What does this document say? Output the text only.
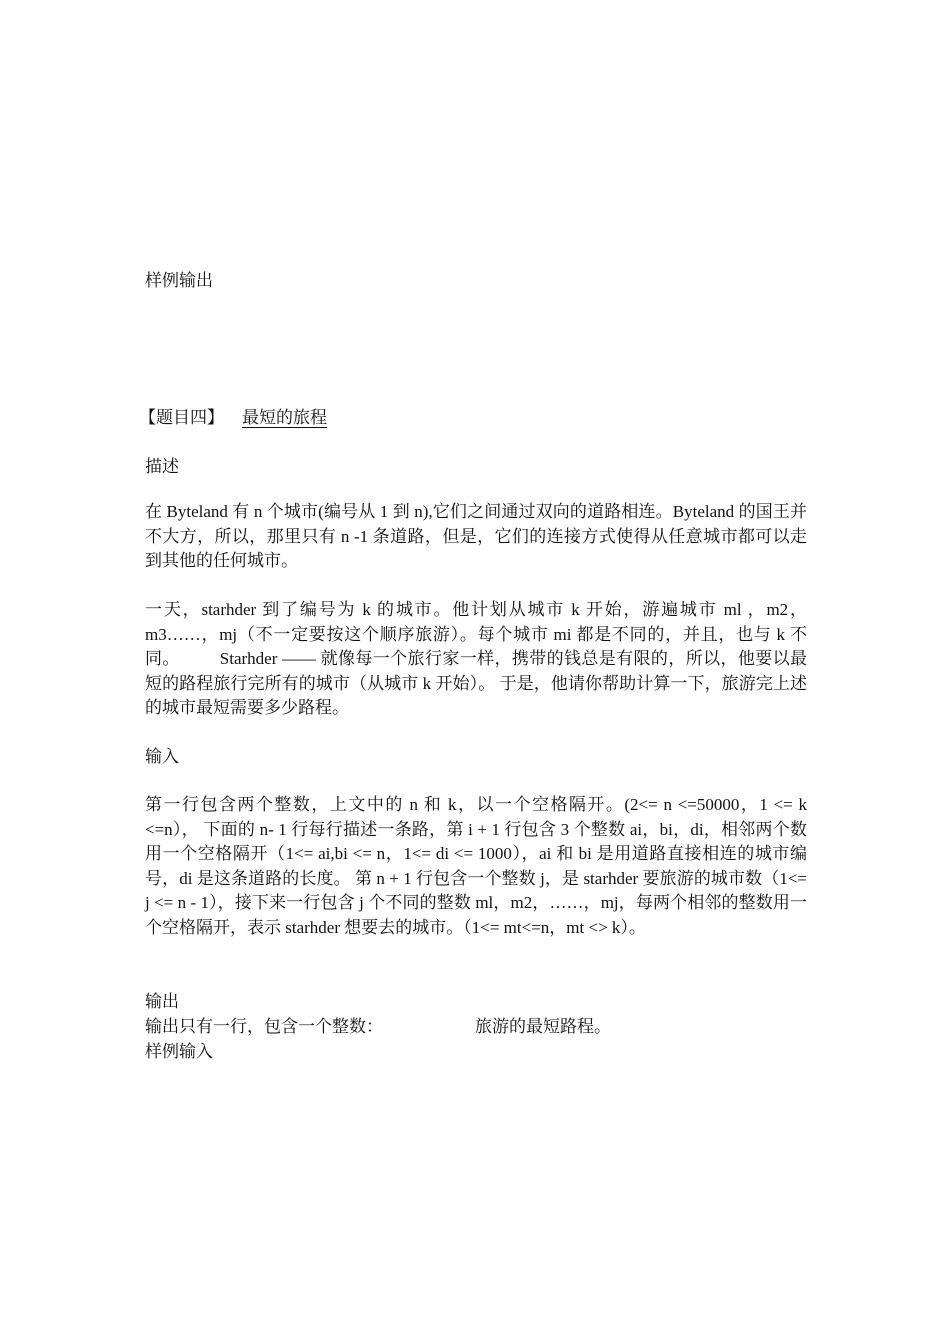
样例输出
【题目四】 最短的旅程
描述

在 Byteland 有 n 个城市(编号从 1 到 n),它们之间通过双向的道路相连。Byteland 的国王并不大方，所以，那里只有 n -1 条道路，但是，它们的连接方式使得从任意城市都可以走到其他的任何城市。

一天，starhder 到了编号为 k 的城市。他计划从城市 k 开始，游遍城市 ml ，m2，m3……，mj（不一定要按这个顺序旅游）。每个城市 mi 都是不同的，并且，也与 k 不同。 Starhder —— 就像每一个旅行家一样，携带的钱总是有限的，所以，他要以最短的路程旅行完所有的城市（从城市 k 开始）。 于是，他请你帮助计算一下，旅游完上述的城市最短需要多少路程。

输入

第一行包含两个整数，上文中的 n 和 k，以一个空格隔开。(2<= n <=50000，1 <= k <=n）， 下面的 n- 1 行每行描述一条路，第 i + 1 行包含 3 个整数 ai，bi，di，相邻两个数用一个空格隔开（1<= ai,bi <= n，1<= di <= 1000），ai 和 bi 是用道路直接相连的城市编号，di 是这条道路的长度。 第 n + 1 行包含一个整数 j，是 starhder 要旅游的城市数（1<= j <= n - 1），接下来一行包含 j 个不同的整数 ml，m2，……，mj，每两个相邻的整数用一个空格隔开，表示 starhder 想要去的城市。（1<= mt<=n，mt <> k）。

输出
输出只有一行，包含一个整数：	旅游的最短路程。
样例输入
